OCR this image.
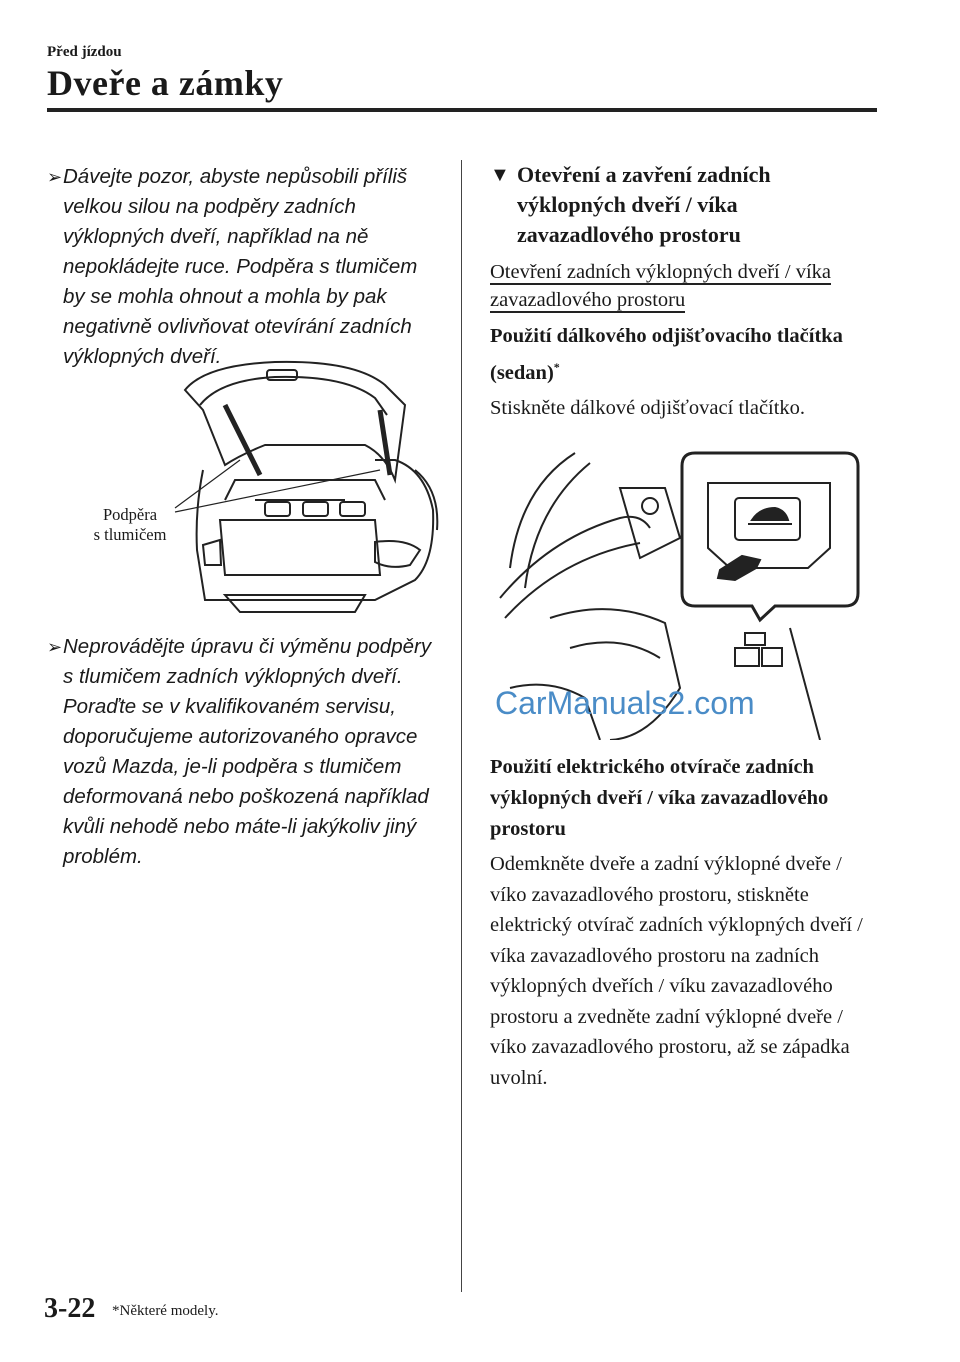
Před jízdou
Dveře a zámky
➢ Dávejte pozor, abyste nepůsobili příliš velkou silou na podpěry zadních výklopných dveří, například na ně nepokládejte ruce. Podpěra s tlumičem by se mohla ohnout a mohla by pak negativně ovlivňovat otevírání zadních výklopných dveří.
Podpěra
s tlumičem
➢ Neprovádějte úpravu či výměnu podpěry s tlumičem zadních výklopných dveří. Poraďte se v kvalifikovaném servisu, doporučujeme autorizovaného opravce vozů Mazda, je-li podpěra s tlumičem deformovaná nebo poškozená například kvůli nehodě nebo máte-li jakýkoliv jiný problém.
▼ Otevření a zavření zadních výklopných dveří / víka zavazadlového prostoru
Otevření zadních výklopných dveří / víka zavazadlového prostoru
Použití dálkového odjišťovacího tlačítka (sedan)*
Stiskněte dálkové odjišťovací tlačítko.
CarManuals2.com
Použití elektrického otvírače zadních výklopných dveří / víka zavazadlového prostoru
Odemkněte dveře a zadní výklopné dveře / víko zavazadlového prostoru, stiskněte elektrický otvírač zadních výklopných dveří / víka zavazadlového prostoru na zadních výklopných dveřích / víku zavazadlového prostoru a zvedněte zadní výklopné dveře / víko zavazadlového prostoru, až se západka uvolní.
3-22 *Některé modely.
